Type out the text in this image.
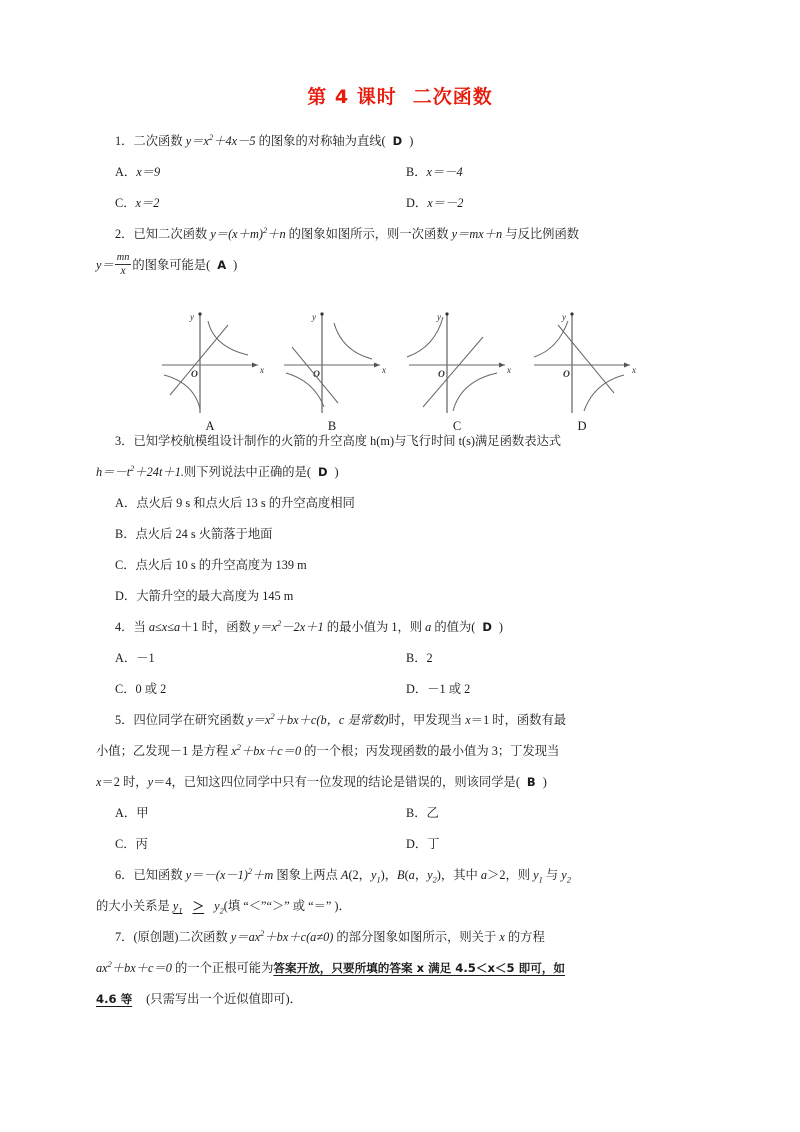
第 4 课时 二次函数
1．二次函数 $y=x^2+4x-5$ 的图象的对称轴为直线( D )
A．x＝9	B．x＝－4
C．x＝2	D．x＝－2
2．已知二次函数 $y=(x+m)^2+n$ 的图象如图所示，则一次函数 y＝mx＋n 与反比例函数
$y= \frac{mn}{x}$ 的图象可能是( A )
3．已知学校航模组设计制作的火箭的升空高度 h(m)与飞行时间 t(s)满足函数表达式
$h=-t^2+24t+1$.则下列说法中正确的是( D )
A．点火后 9 s 和点火后 13 s 的升空高度相同
B．点火后 24 s 火箭落于地面
C．点火后 10 s 的升空高度为 139 m
D．大箭升空的最大高度为 145 m
4．当 a≤x≤a＋1 时，函数 $y=x^2-2x+1$ 的最小值为 1，则 a 的值为( D )
A．－1	B．2
C．0 或 2	D．－1 或 2
5．四位同学在研究函数 $y=x^2+bx+c(b$，c 是常数)时，甲发现当 x＝1 时，函数有最
小值；乙发现－1 是方程 $x^2+bx+c=0$ 的一个根；丙发现函数的最小值为 3；丁发现当
x＝2 时，y＝4，已知这四位同学中只有一位发现的结论是错误的，则该同学是( B )
A．甲	B．乙
C．丙	D．丁
6．已知函数 $y=-(x-1)^2+m$ 图象上两点 A(2，$y_1$)，B(a，$y_2$)，其中 a＞2，则 $y_1$ 与 $y_2$
的大小关系是 $y_1 > y_2$(填 “＜”“＞” 或 “＝” )．
7．(原创题)二次函数 $y=ax^2+bx+c(a\ne 0)$ 的部分图象如图所示，则关于 x 的方程
$ax^2+bx+c=0$ 的一个正根可能为答案开放，只要所填的答案 x 满足 4.5＜x＜5 即可，如
4.6 等 (只需写出一个近似值即可)．
y
x
O
A
y
x
O
B
y
x
O
C
y
x
O
D
